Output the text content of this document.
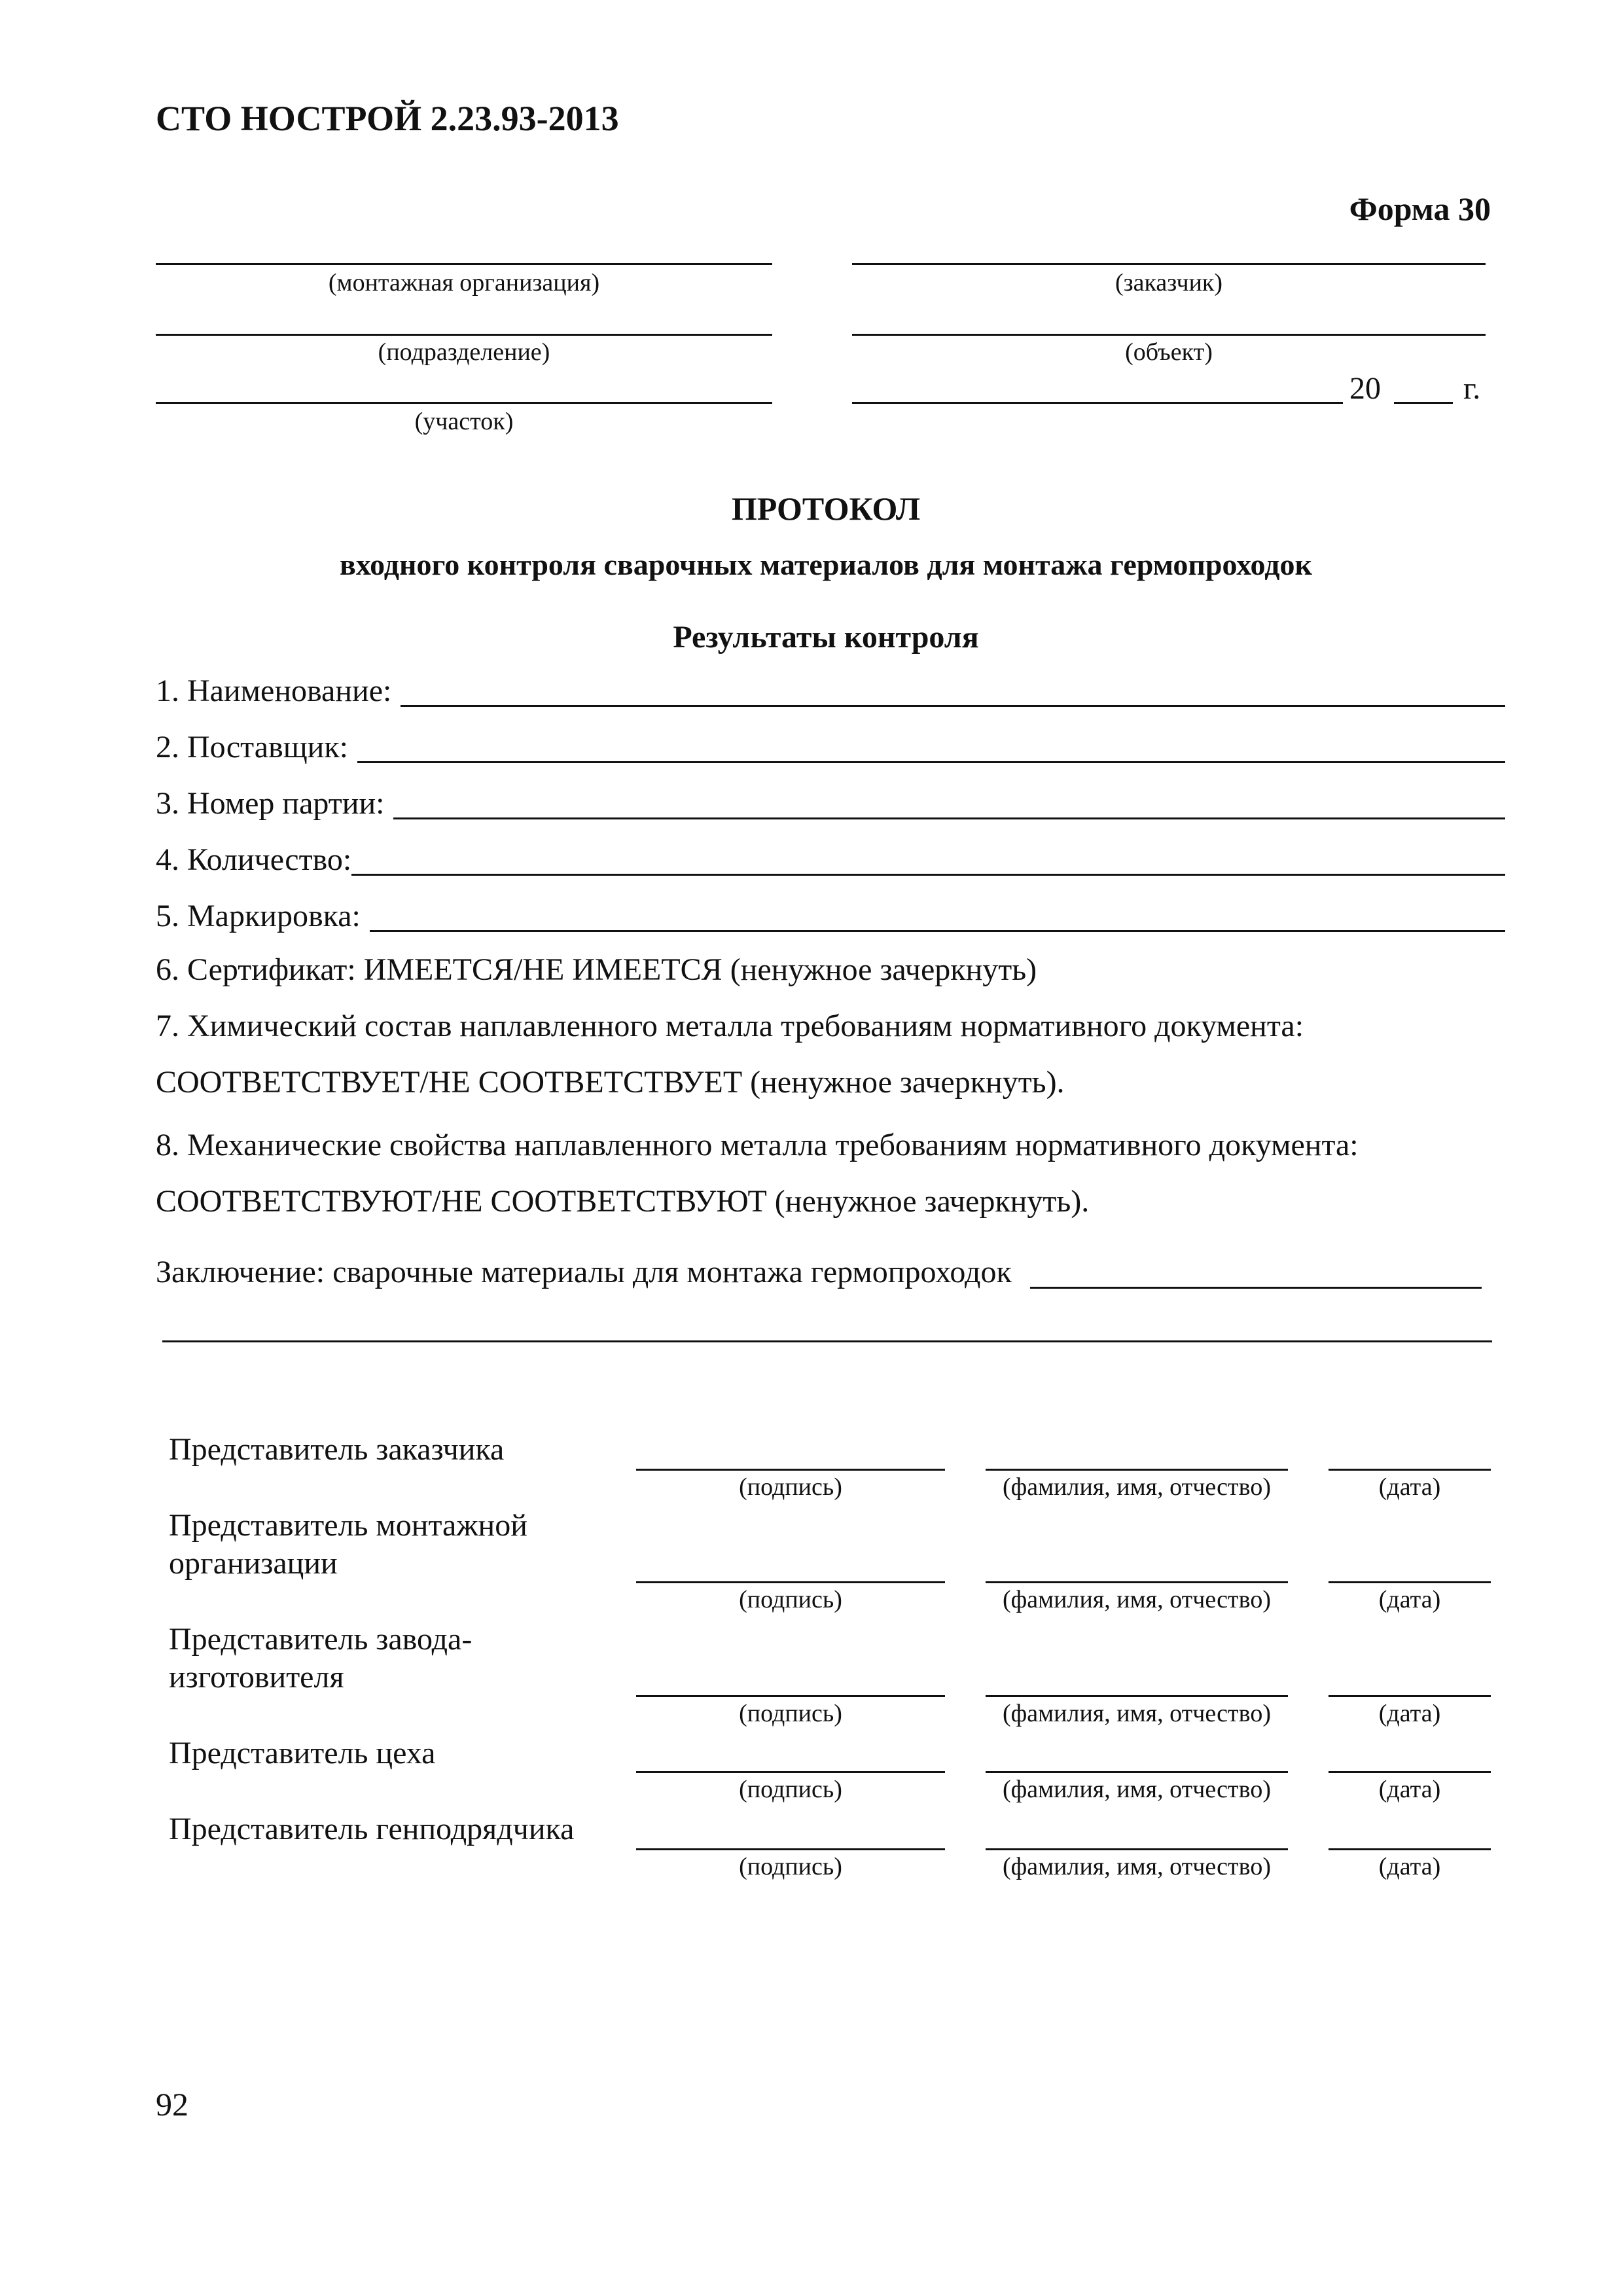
СТО НОСТРОЙ 2.23.93-2013
Форма 30
(монтажная организация)	(заказчик)
(подразделение)	(объект)
(участок)
20	г.
ПРОТОКОЛ
входного контроля сварочных материалов для монтажа гермопроходок
Результаты контроля
1. Наименование:
2. Поставщик:
3. Номер партии:
4. Количество:
5. Маркировка:
6. Сертификат: ИМЕЕТСЯ/НЕ ИМЕЕТСЯ (ненужное зачеркнуть)
7. Химический состав наплавленного металла требованиям нормативного документа:
СООТВЕТСТВУЕТ/НЕ СООТВЕТСТВУЕТ (ненужное зачеркнуть).
8. Механические свойства наплавленного металла требованиям нормативного документа:
СООТВЕТСТВУЮТ/НЕ СООТВЕТСТВУЮТ (ненужное зачеркнуть).
Заключение: сварочные материалы для монтажа гермопроходок
Представитель заказчика
(подпись)	(фамилия, имя, отчество)	(дата)
Представитель монтажной организации
(подпись)	(фамилия, имя, отчество)	(дата)
Представитель завода-изготовителя
(подпись)	(фамилия, имя, отчество)	(дата)
Представитель цеха
(подпись)	(фамилия, имя, отчество)	(дата)
Представитель генподрядчика
(подпись)	(фамилия, имя, отчество)	(дата)
92
